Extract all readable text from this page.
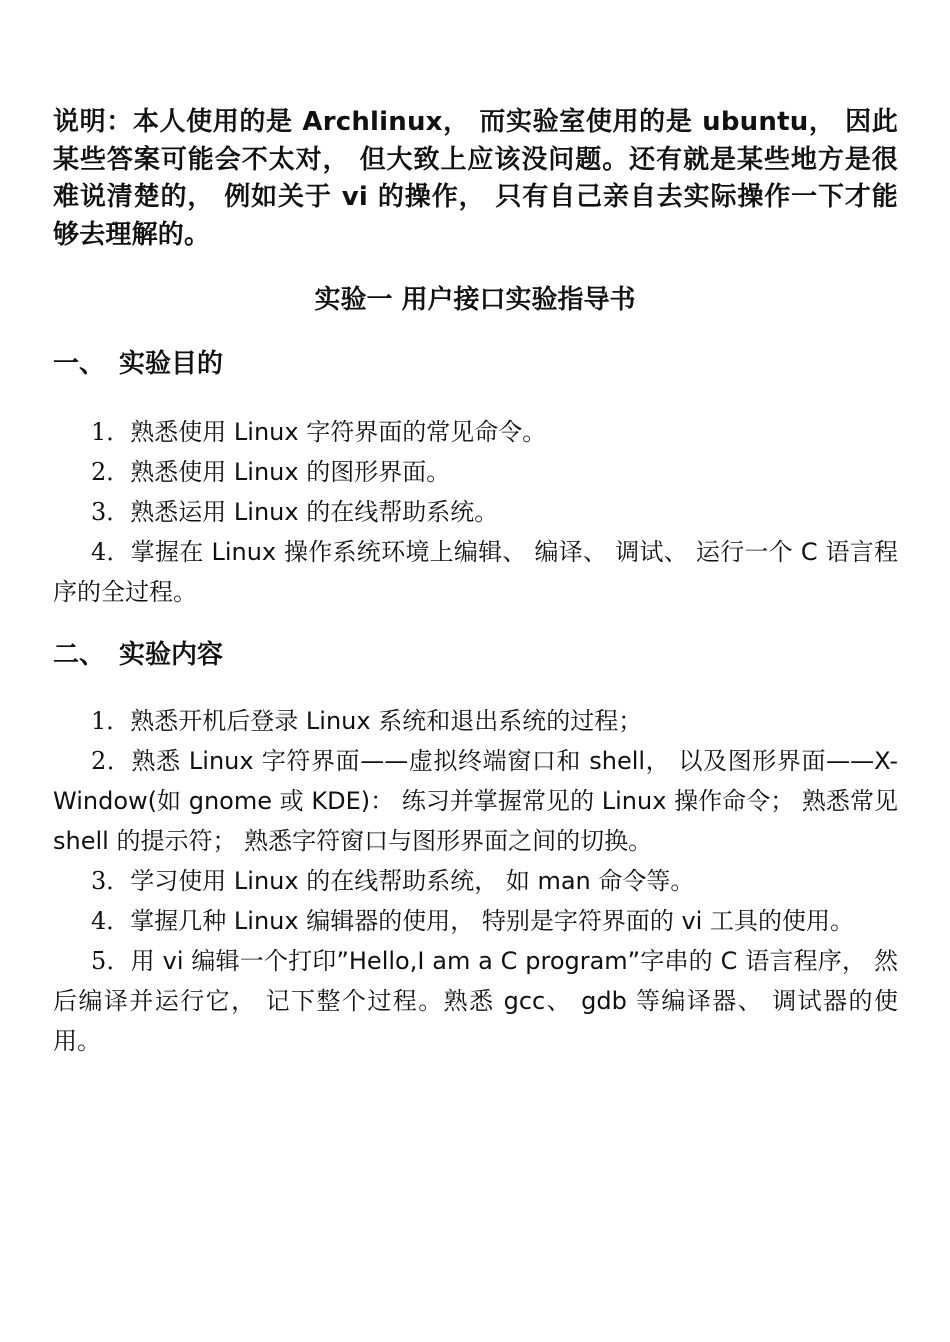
说明：本人使用的是 Archlinux， 而实验室使用的是 ubuntu， 因此某些答案可能会不太对， 但大致上应该没问题。还有就是某些地方是很难说清楚的， 例如关于 vi 的操作， 只有自己亲自去实际操作一下才能够去理解的。
实验一 用户接口实验指导书
一、 实验目的
1．熟悉使用 Linux 字符界面的常见命令。
2．熟悉使用 Linux 的图形界面。
3．熟悉运用 Linux 的在线帮助系统。
4．掌握在 Linux 操作系统环境上编辑、 编译、 调试、 运行一个 C 语言程序的全过程。
二、 实验内容
1．熟悉开机后登录 Linux 系统和退出系统的过程；
2．熟悉 Linux 字符界面——虚拟终端窗口和 shell， 以及图形界面——X-Window(如 gnome 或 KDE)： 练习并掌握常见的 Linux 操作命令； 熟悉常见 shell 的提示符； 熟悉字符窗口与图形界面之间的切换。
3．学习使用 Linux 的在线帮助系统， 如 man 命令等。
4．掌握几种 Linux 编辑器的使用， 特别是字符界面的 vi 工具的使用。
5．用 vi 编辑一个打印”Hello,I am a C program”字串的 C 语言程序， 然后编译并运行它， 记下整个过程。熟悉 gcc、 gdb 等编译器、 调试器的使用。
